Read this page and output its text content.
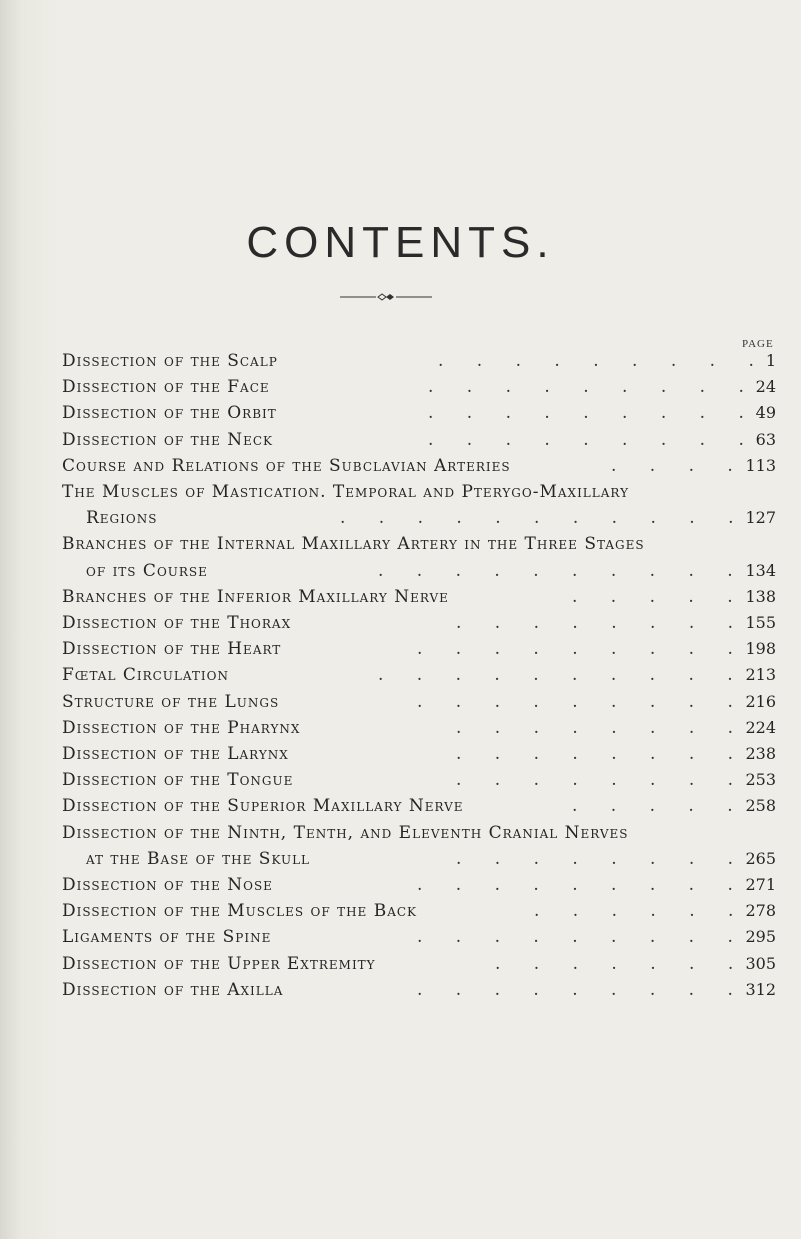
CONTENTS.
PAGE
Dissection of the Scalp	1
. . . . . . . . .
Dissection of the Face	24
. . . . . . . . .
Dissection of the Orbit	49
. . . . . . . . .
Dissection of the Neck	63
. . . . . . . . .
Course and Relations of the Subclavian Arteries	113
. . . .
The Muscles of Mastication. Temporal and Pterygo-Maxillary
Regions	127
. . . . . . . . . . .
Branches of the Internal Maxillary Artery in the Three Stages
of its Course	134
. . . . . . . . . .
Branches of the Inferior Maxillary Nerve	138
. . . . .
Dissection of the Thorax	155
. . . . . . . .
Dissection of the Heart	198
. . . . . . . . .
Fœtal Circulation	213
. . . . . . . . . .
Structure of the Lungs	216
. . . . . . . . .
Dissection of the Pharynx	224
. . . . . . . .
Dissection of the Larynx	238
. . . . . . . .
Dissection of the Tongue	253
. . . . . . . .
Dissection of the Superior Maxillary Nerve	258
. . . . .
Dissection of the Ninth, Tenth, and Eleventh Cranial Nerves
at the Base of the Skull	265
. . . . . . . .
Dissection of the Nose	271
. . . . . . . . .
Dissection of the Muscles of the Back	278
. . . . . .
Ligaments of the Spine	295
. . . . . . . . .
Dissection of the Upper Extremity	305
. . . . . . .
Dissection of the Axilla	312
. . . . . . . . .
